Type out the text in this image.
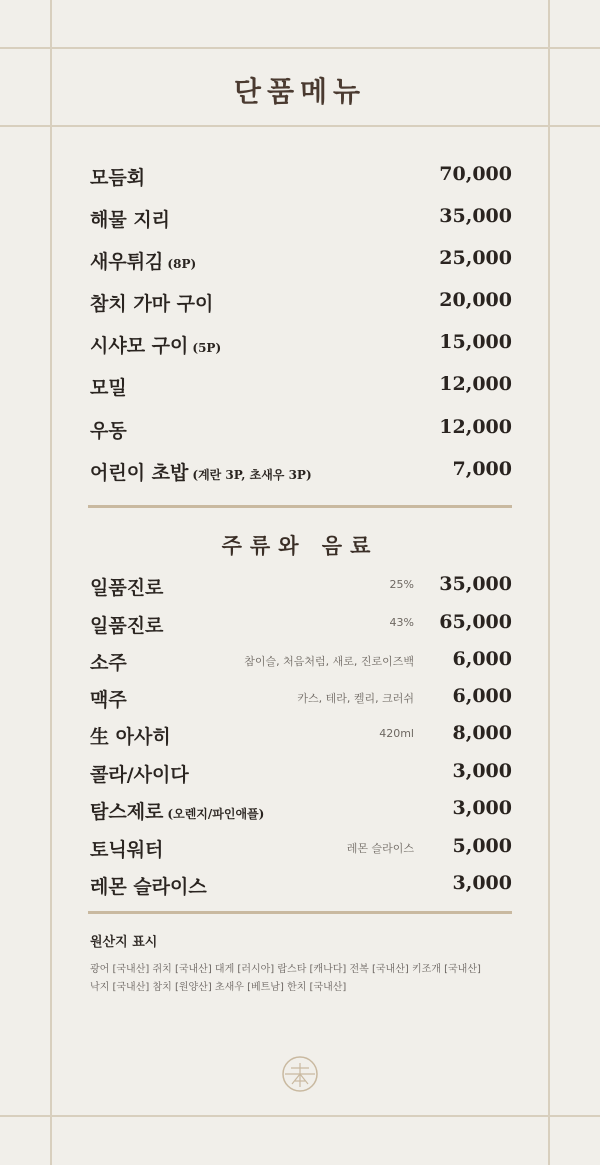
단품메뉴
모듬회	70,000
해물 지리	35,000
새우튀김 (8P)	25,000
참치 가마 구이	20,000
시샤모 구이 (5P)	15,000
모밀	12,000
우동	12,000
어린이 초밥 (계란 3P, 초새우 3P)	7,000
주류와 음료
일품진로	25% 35,000
일품진로	43% 65,000
소주	참이슬, 처음처럼, 새로, 진로이즈백 6,000
맥주	카스, 테라, 켈리, 크러쉬 6,000
生 아사히	420ml 8,000
콜라/사이다	3,000
탐스제로 (오렌지/파인애플)	3,000
토닉워터	레몬 슬라이스 5,000
레몬 슬라이스	3,000
원산지 표시
광어 [국내산] 쥐치 [국내산] 대게 [러시아] 랍스타 [캐나다] 전복 [국내산] 키조개 [국내산]
낙지 [국내산] 참치 [원양산] 초새우 [베트남] 한치 [국내산]
